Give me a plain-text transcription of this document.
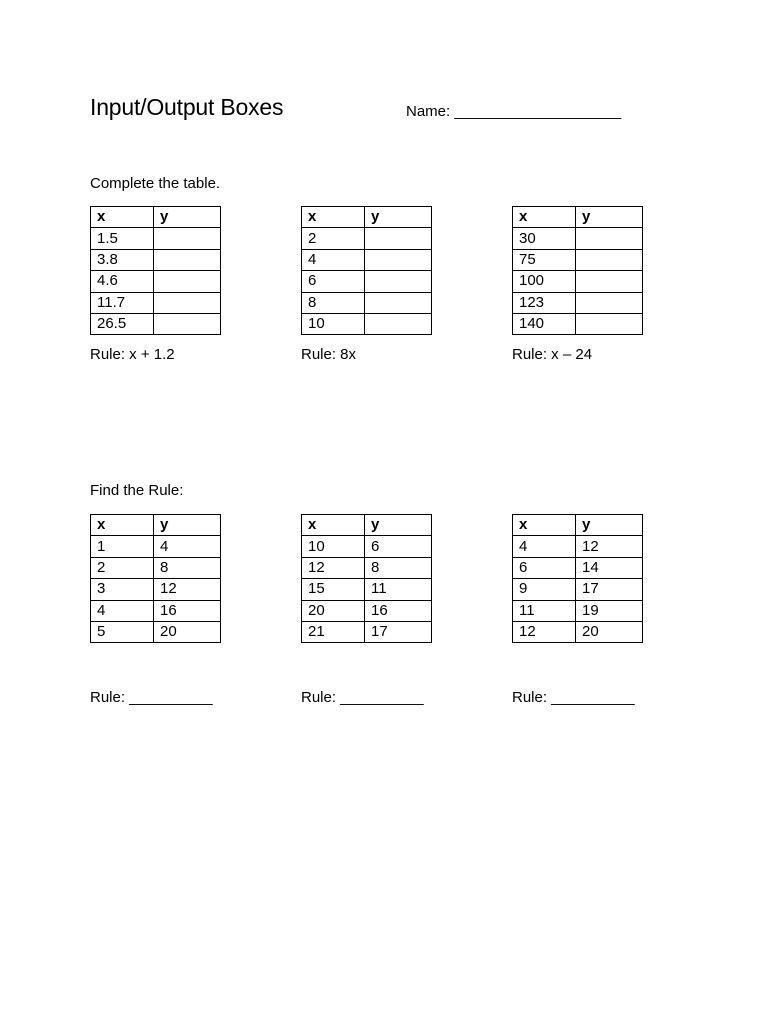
Input/Output Boxes	Name: ____________________
Complete the table.
x	y
1.5	
3.8	
4.6	
11.7	
26.5	
Rule: x + 1.2
x	y
2	
4	
6	
8	
10	
Rule: 8x
x	y
30	
75	
100	
123	
140	
Rule: x – 24
Find the Rule:
x	y
1	4
2	8
3	12
4	16
5	20
Rule: __________
x	y
10	6
12	8
15	11
20	16
21	17
Rule: __________
x	y
4	12
6	14
9	17
11	19
12	20
Rule: __________
